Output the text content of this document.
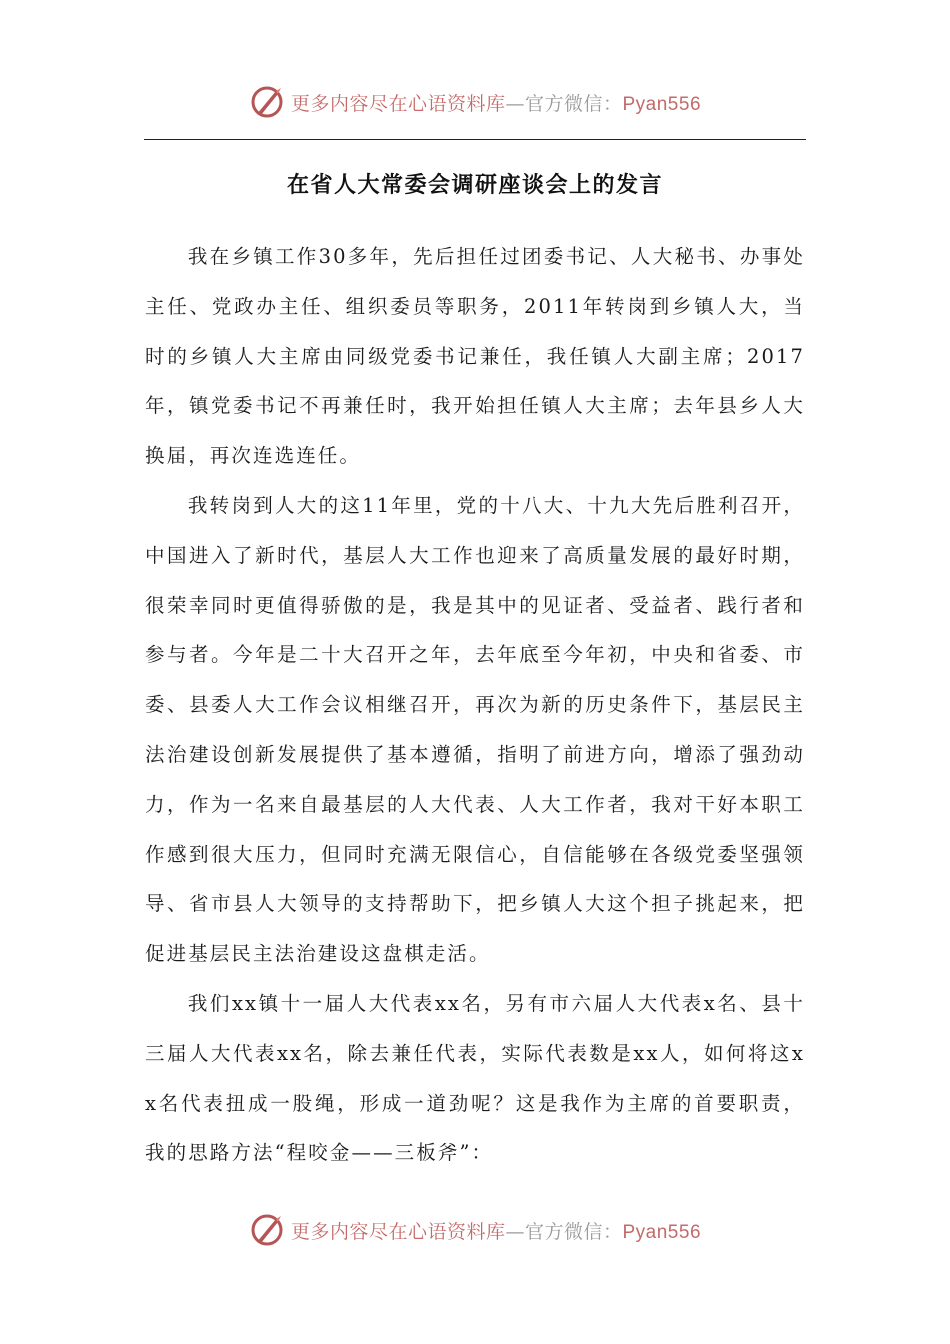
更多内容尽在心语资料库—官方微信：Pyan556
在省人大常委会调研座谈会上的发言

我在乡镇工作30多年，先后担任过团委书记、人大秘书、办事处主任、党政办主任、组织委员等职务，2011年转岗到乡镇人大，当时的乡镇人大主席由同级党委书记兼任，我任镇人大副主席；2017年，镇党委书记不再兼任时，我开始担任镇人大主席；去年县乡人大换届，再次连选连任。

我转岗到人大的这11年里，党的十八大、十九大先后胜利召开，中国进入了新时代，基层人大工作也迎来了高质量发展的最好时期，很荣幸同时更值得骄傲的是，我是其中的见证者、受益者、践行者和参与者。今年是二十大召开之年，去年底至今年初，中央和省委、市委、县委人大工作会议相继召开，再次为新的历史条件下，基层民主法治建设创新发展提供了基本遵循，指明了前进方向，增添了强劲动力，作为一名来自最基层的人大代表、人大工作者，我对干好本职工作感到很大压力，但同时充满无限信心，自信能够在各级党委坚强领导、省市县人大领导的支持帮助下，把乡镇人大这个担子挑起来，把促进基层民主法治建设这盘棋走活。

我们xx镇十一届人大代表xx名，另有市六届人大代表x名、县十三届人大代表xx名，除去兼任代表，实际代表数是xx人，如何将这xx名代表扭成一股绳，形成一道劲呢？这是我作为主席的首要职责，我的思路方法“程咬金——三板斧”：

更多内容尽在心语资料库—官方微信：Pyan556
